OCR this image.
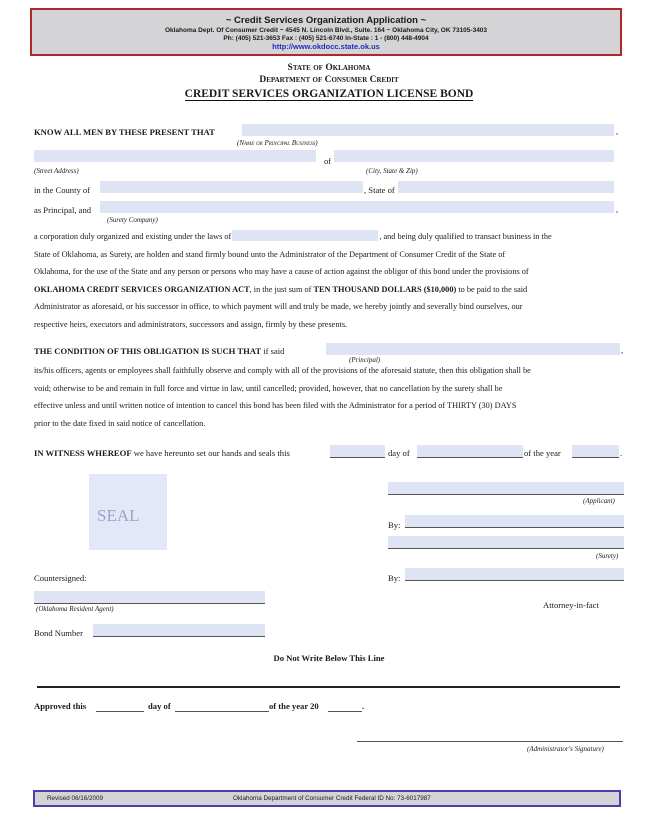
~ Credit Services Organization Application ~
Oklahoma Dept. Of Consumer Credit ~ 4545 N. Lincoln Blvd., Suite. 164 ~ Oklahoma City, OK 73105-3403
Ph: (405) 521-3653 Fax : (405) 521-6740 In-State : 1 - (800) 448-4904
http://www.okdocc.state.ok.us
State of Oklahoma
Department of Consumer Credit
CREDIT SERVICES ORGANIZATION LICENSE BOND
KNOW ALL MEN BY THESE PRESENT THAT	,
(Name or Principal Business)
of
(Street Address)	(City, State & Zip)
in the County of	, State of
as Principal, and	,
(Surety Company)

a corporation duly organized and existing under the laws of	, and being duly qualified to transact business in the

State of Oklahoma, as Surety, are holden and stand firmly bound unto the Administrator of the Department of Consumer Credit of the State of

Oklahoma, for the use of the State and any person or persons who may have a cause of action against the obligor of this bond under the provisions of

OKLAHOMA CREDIT SERVICES ORGANIZATION ACT, in the just sum of TEN THOUSAND DOLLARS ($10,000) to be paid to the said

Administrator as aforesaid, or his successor in office, to which payment will and truly be made, we hereby jointly and severally bind ourselves, our

respective heirs, executors and administrators, successors and assign, firmly by these presents.

THE CONDITION OF THIS OBLIGATION IS SUCH THAT if said	,
(Principal)

its/his officers, agents or employees shall faithfully observe and comply with all of the provisions of the aforesaid statute, then this obligation shall be

void; otherwise to be and remain in full force and virtue in law, until cancelled; provided, however, that no cancellation by the surety shall be

effective unless and until written notice of intention to cancel this bond has been filed with the Administrator for a period of THIRTY (30) DAYS

prior to the date fixed in said notice of cancellation.

IN WITNESS WHEREOF we have hereunto set our hands and seals this	day of	of the year	.
SEAL
(Applicant)
By:
(Surety)
Countersigned:	By:
(Oklahoma Resident Agent)	Attorney-in-fact
Bond Number
Do Not Write Below This Line
Approved this	day of	of the year 20	.
(Administrator's Signature)
Revised 06/16/2009	Oklahoma Department of Consumer Credit Federal ID No: 73-6017987
